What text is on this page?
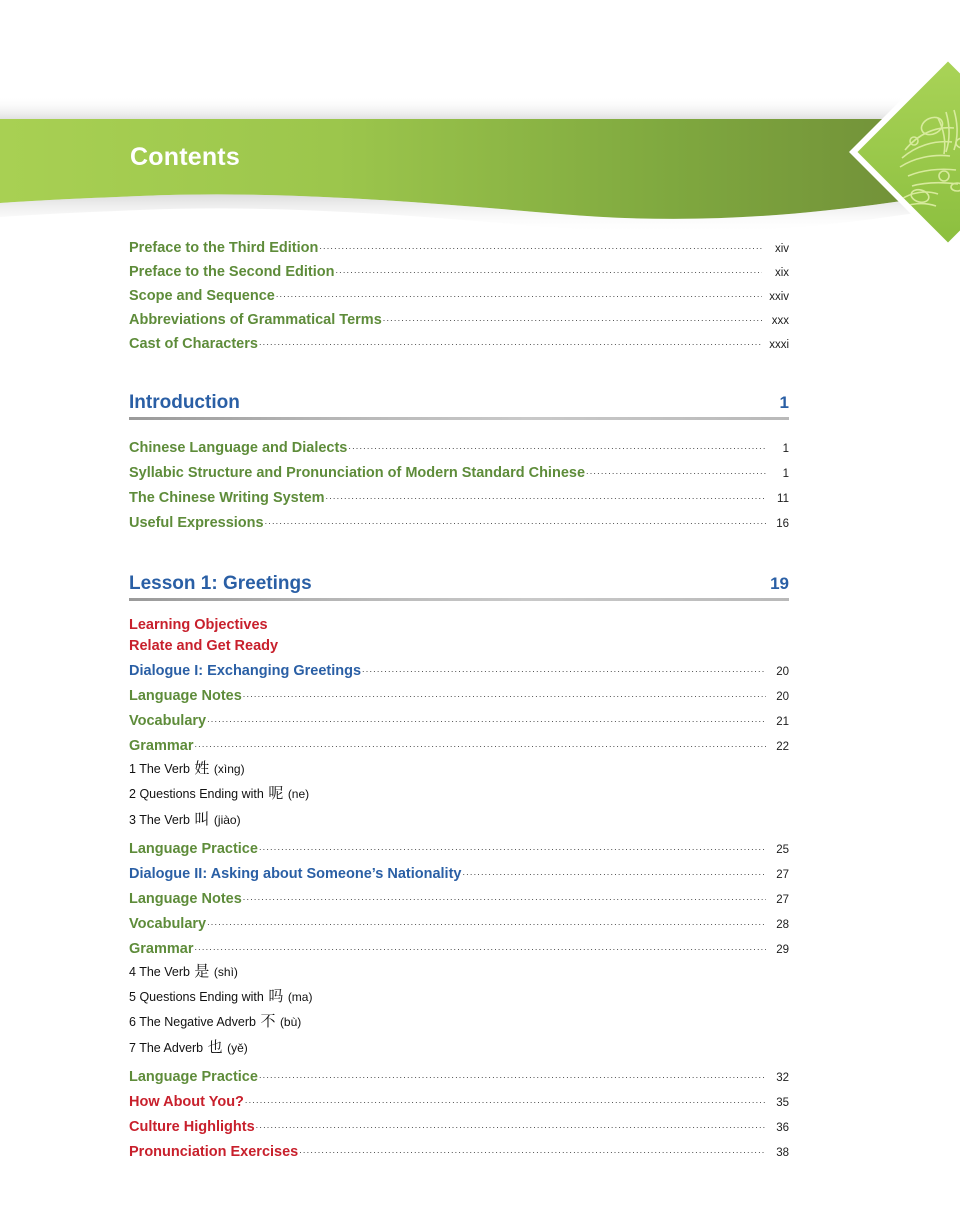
Contents
Preface to the Third Edition .....	xiv
Preface to the Second Edition .....	xix
Scope and Sequence .....	xxiv
Abbreviations of Grammatical Terms .....	xxx
Cast of Characters .....	xxxi
Introduction	1
Chinese Language and Dialects .....	1
Syllabic Structure and Pronunciation of Modern Standard Chinese .....	1
The Chinese Writing System .....	11
Useful Expressions .....	16
Lesson 1: Greetings	19
Learning Objectives
Relate and Get Ready
Dialogue I: Exchanging Greetings .....	20
Language Notes .....	20
Vocabulary .....	21
Grammar .....	22
1 The Verb 姓 (xìng)
2 Questions Ending with 呢 (ne)
3 The Verb 叫 (jiào)
Language Practice .....	25
Dialogue II: Asking about Someone’s Nationality .....	27
Language Notes .....	27
Vocabulary .....	28
Grammar .....	29
4 The Verb 是 (shì)
5 Questions Ending with 吗 (ma)
6 The Negative Adverb 不 (bù)
7 The Adverb 也 (yě)
Language Practice .....	32
How About You? .....	35
Culture Highlights .....	36
Pronunciation Exercises .....	38
